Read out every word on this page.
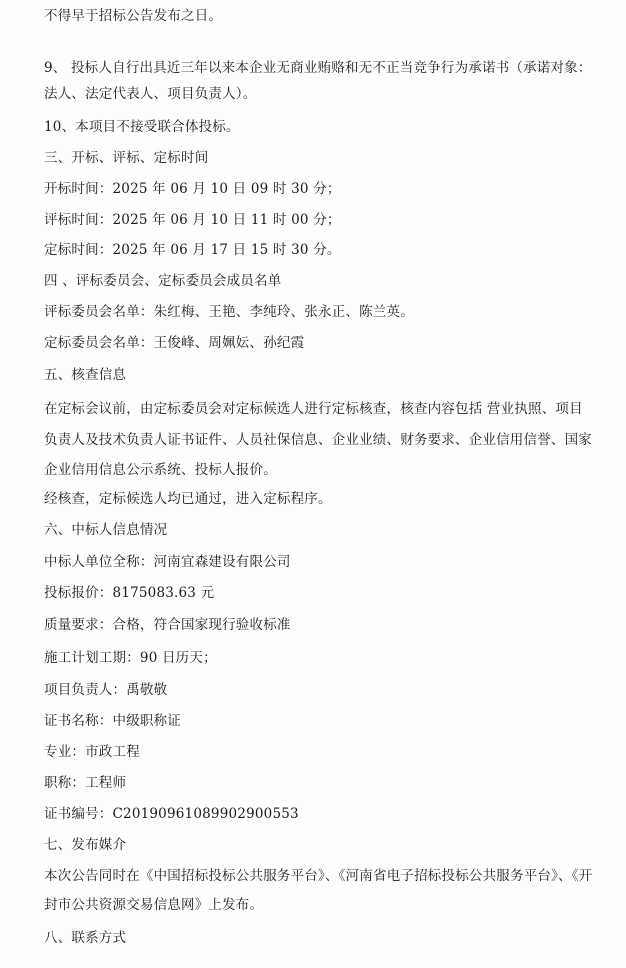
不得早于招标公告发布之日。
9、 投标人自行出具近三年以来本企业无商业贿赂和无不正当竞争行为承诺书（承诺对象：
法人、法定代表人、项目负责人）。
10、本项目不接受联合体投标。
三、开标、评标、定标时间
开标时间：2025 年 06 月 10 日 09 时 30 分；
评标时间：2025 年 06 月 10 日 11 时 00 分；
定标时间：2025 年 06 月 17 日 15 时 30 分。
四 、评标委员会、定标委员会成员名单
评标委员会名单：朱红梅、王艳、李纯玲、张永正、陈兰英。
定标委员会名单：王俊峰、周姵妘、孙纪霞
五、核查信息
在定标会议前，由定标委员会对定标候选人进行定标核查，核查内容包括 营业执照、项目
负责人及技术负责人证书证件、人员社保信息、企业业绩、财务要求、企业信用信誉、国家
企业信用信息公示系统、投标人报价。
经核查，定标候选人均已通过，进入定标程序。
六、中标人信息情况
中标人单位全称：河南宜森建设有限公司
投标报价：8175083.63 元
质量要求：合格，符合国家现行验收标准
施工计划工期：90 日历天；
项目负责人：禹敬敬
证书名称：中级职称证
专业：市政工程
职称：工程师
证书编号：C20190961089902900553
七、发布媒介
本次公告同时在《中国招标投标公共服务平台》、《河南省电子招标投标公共服务平台》、《开
封市公共资源交易信息网》上发布。
八、联系方式
